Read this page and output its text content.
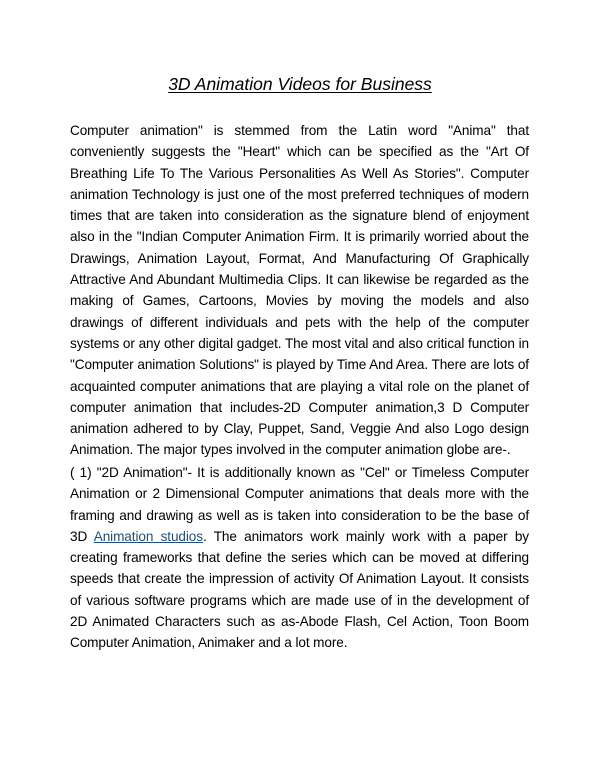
3D Animation Videos for Business

Computer animation" is stemmed from the Latin word "Anima" that conveniently suggests the "Heart" which can be specified as the "Art Of Breathing Life To The Various Personalities As Well As Stories". Computer animation Technology is just one of the most preferred techniques of modern times that are taken into consideration as the signature blend of enjoyment also in the "Indian Computer Animation Firm. It is primarily worried about the Drawings, Animation Layout, Format, And Manufacturing Of Graphically Attractive And Abundant Multimedia Clips. It can likewise be regarded as the making of Games, Cartoons, Movies by moving the models and also drawings of different individuals and pets with the help of the computer systems or any other digital gadget. The most vital and also critical function in "Computer animation Solutions" is played by Time And Area. There are lots of acquainted computer animations that are playing a vital role on the planet of computer animation that includes-2D Computer animation,3 D Computer animation adhered to by Clay, Puppet, Sand, Veggie And also Logo design Animation. The major types involved in the computer animation globe are-.

( 1) "2D Animation"- It is additionally known as "Cel" or Timeless Computer Animation or 2 Dimensional Computer animations that deals more with the framing and drawing as well as is taken into consideration to be the base of 3D Animation studios. The animators work mainly work with a paper by creating frameworks that define the series which can be moved at differing speeds that create the impression of activity Of Animation Layout. It consists of various software programs which are made use of in the development of 2D Animated Characters such as as-Abode Flash, Cel Action, Toon Boom Computer Animation, Animaker and a lot more.
